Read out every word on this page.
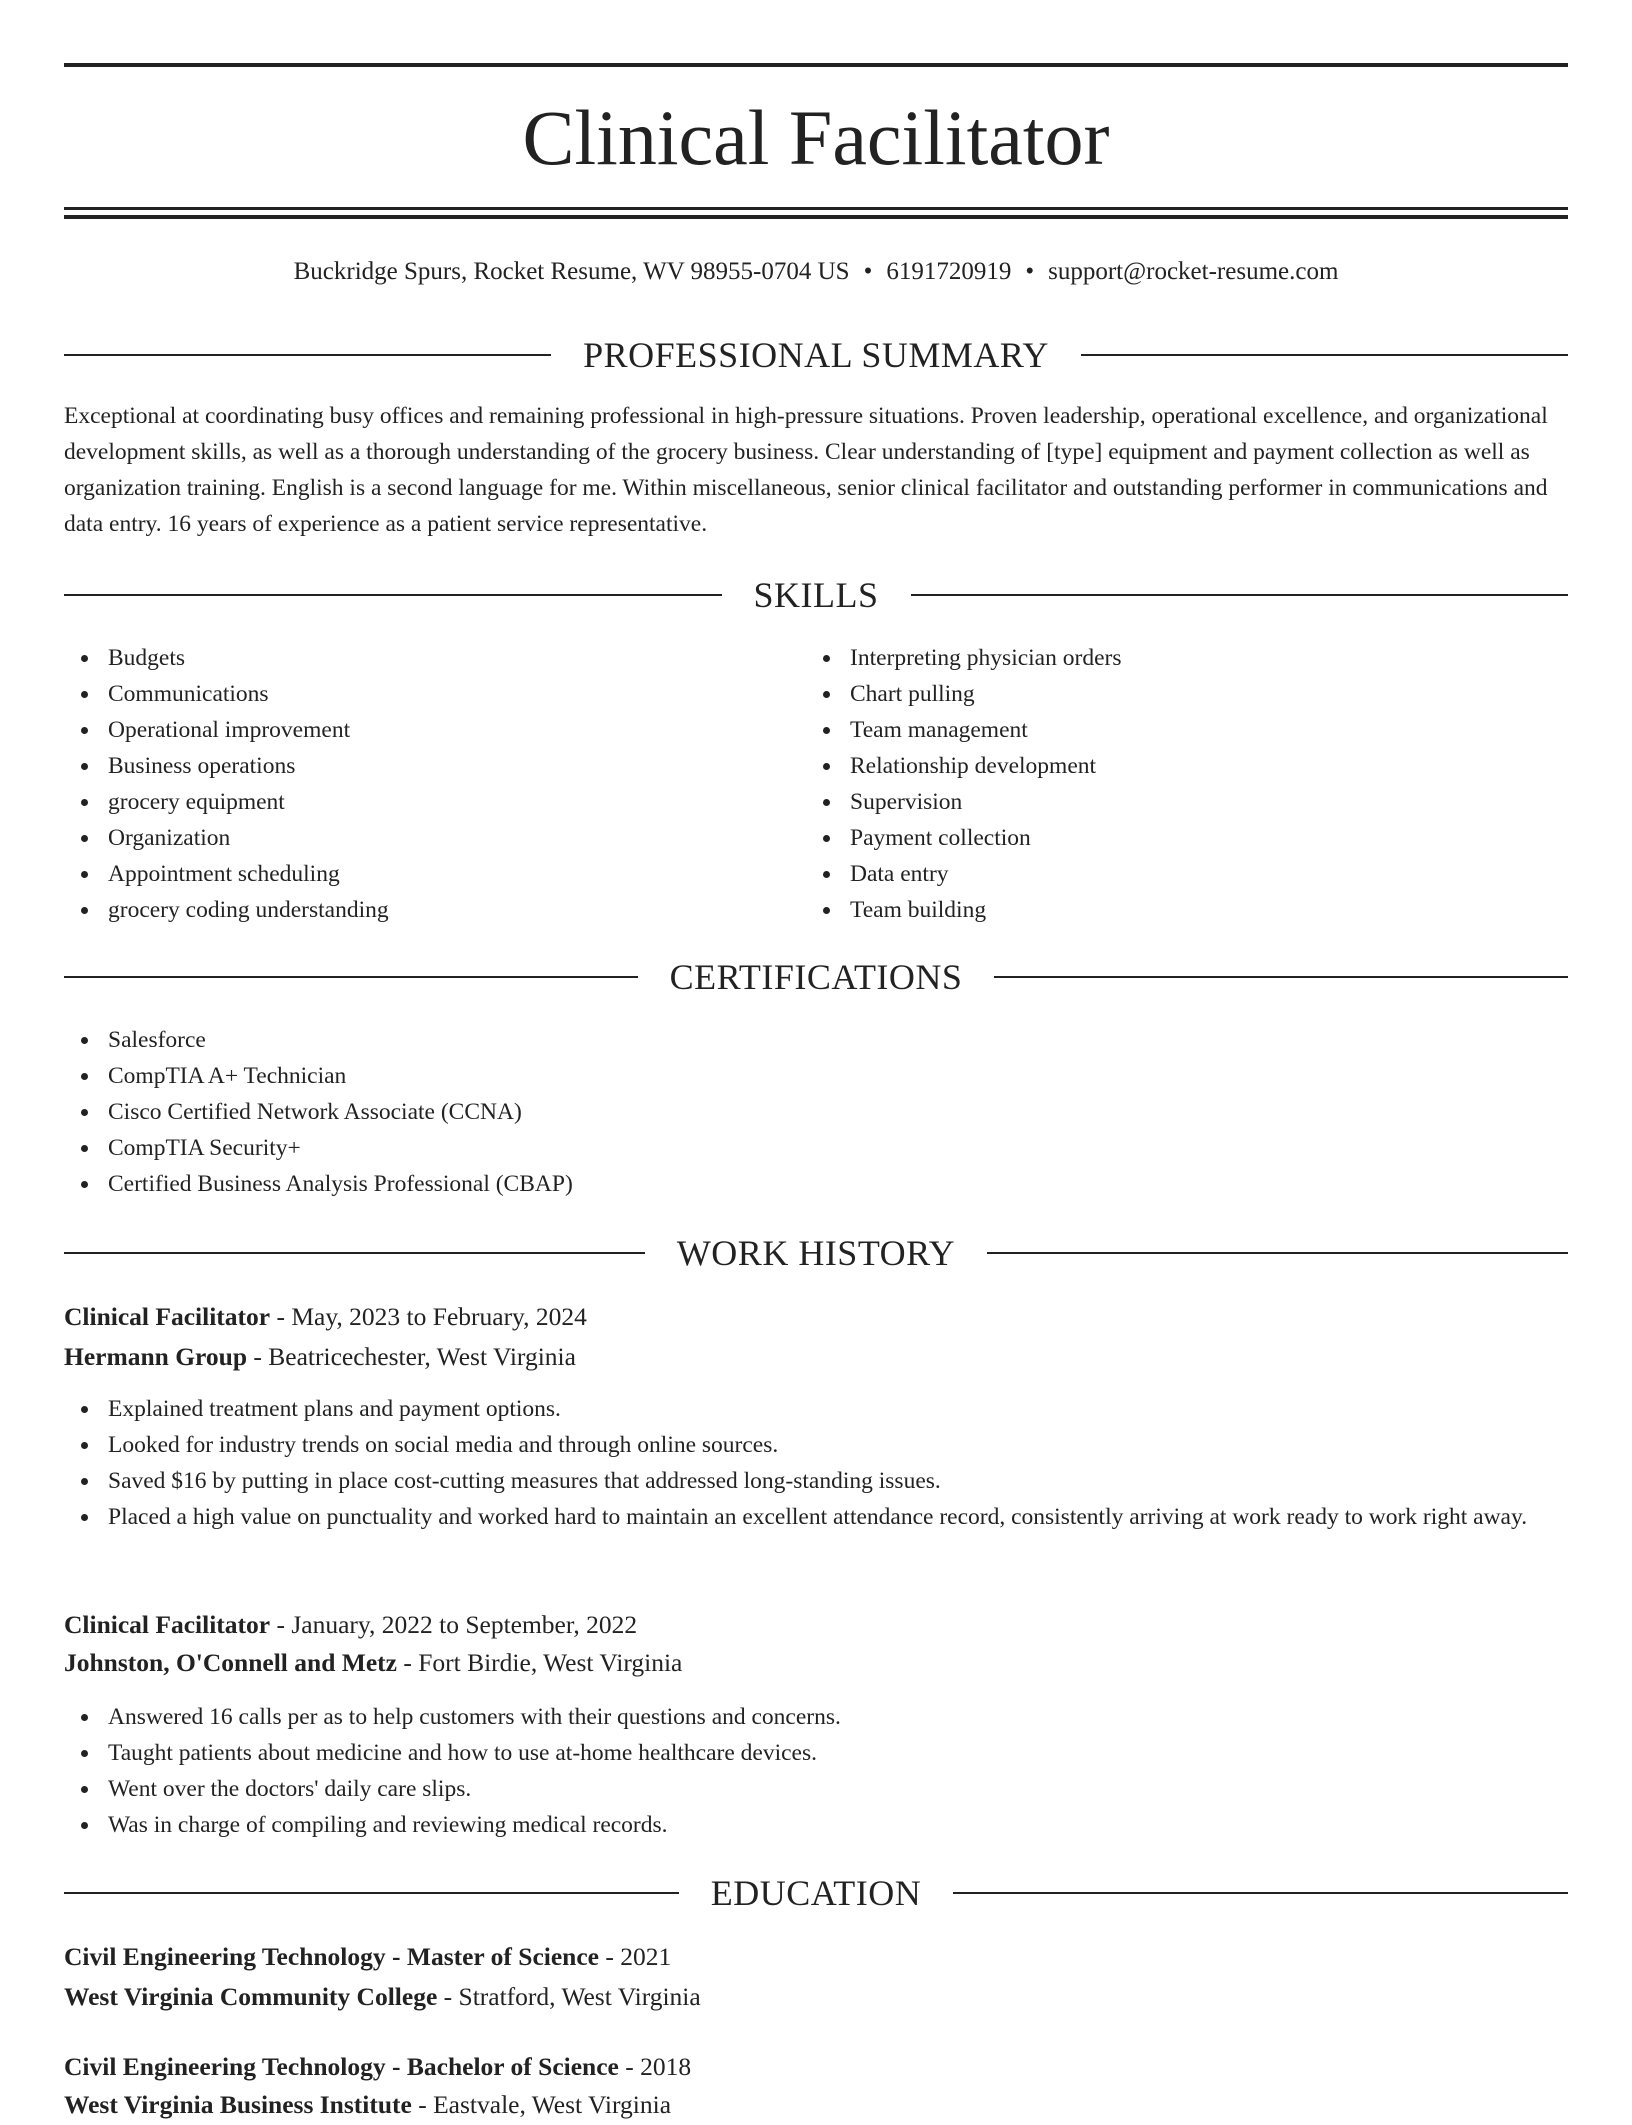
Clinical Facilitator
Buckridge Spurs, Rocket Resume, WV 98955-0704 US • 6191720919 • support@rocket-resume.com
PROFESSIONAL SUMMARY

Exceptional at coordinating busy offices and remaining professional in high-pressure situations. Proven leadership, operational excellence, and organizational development skills, as well as a thorough understanding of the grocery business. Clear understanding of [type] equipment and payment collection as well as organization training. English is a second language for me. Within miscellaneous, senior clinical facilitator and outstanding performer in communications and data entry. 16 years of experience as a patient service representative.

SKILLS
Budgets
Communications
Operational improvement
Business operations
grocery equipment
Organization
Appointment scheduling
grocery coding understanding
Interpreting physician orders
Chart pulling
Team management
Relationship development
Supervision
Payment collection
Data entry
Team building
CERTIFICATIONS
Salesforce
CompTIA A+ Technician
Cisco Certified Network Associate (CCNA)
CompTIA Security+
Certified Business Analysis Professional (CBAP)
WORK HISTORY
Clinical Facilitator - May, 2023 to February, 2024
Hermann Group - Beatricechester, West Virginia
Explained treatment plans and payment options.
Looked for industry trends on social media and through online sources.
Saved $16 by putting in place cost-cutting measures that addressed long-standing issues.
Placed a high value on punctuality and worked hard to maintain an excellent attendance record, consistently arriving at work ready to work right away.
Clinical Facilitator - January, 2022 to September, 2022
Johnston, O'Connell and Metz - Fort Birdie, West Virginia
Answered 16 calls per as to help customers with their questions and concerns.
Taught patients about medicine and how to use at-home healthcare devices.
Went over the doctors' daily care slips.
Was in charge of compiling and reviewing medical records.
EDUCATION
Civil Engineering Technology - Master of Science - 2021
West Virginia Community College - Stratford, West Virginia
Civil Engineering Technology - Bachelor of Science - 2018
West Virginia Business Institute - Eastvale, West Virginia
